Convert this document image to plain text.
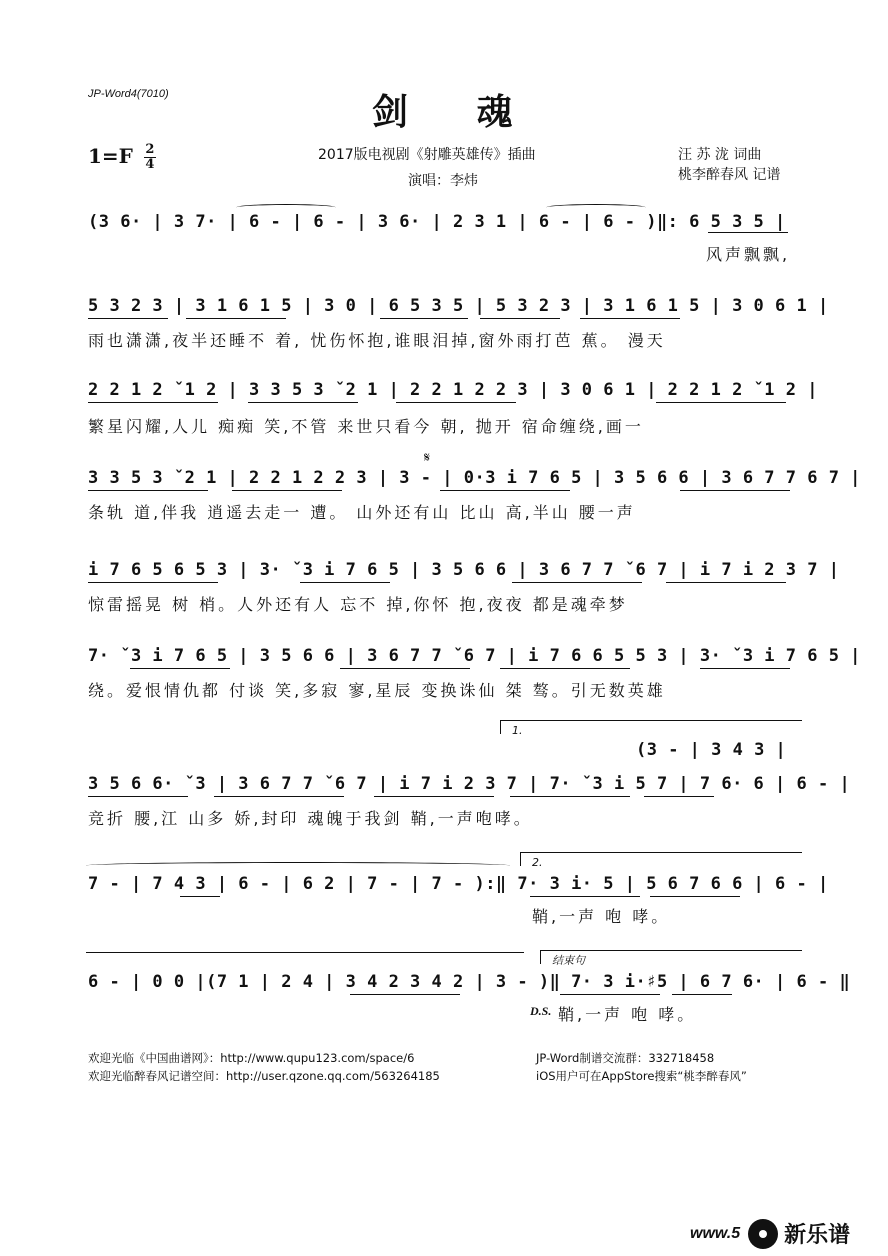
JP-Word4(7010)	剑 魂
$1=F \frac{2}{4}$	2017版电视剧《射雕英雄传》插曲
演唱：李炜
汪 苏 泷 词曲
桃李醉春风 记谱
(3 6· | 3 7· | 6 - | 6 - | 3 6· | 2 3 1 | 6 - | 6 - )‖: 6 5 3 5 |
风声飘飘,
5 3 2 3 | 3 1 6 1 5 | 3 0 | 6 5 3 5 | 5 3 2 3 | 3 1 6 1 5 | 3 0 6 1 |
雨也潇潇,夜半还睡不 着, 忧伤怀抱,谁眼泪掉,窗外雨打芭 蕉。 漫天
2 2 1 2 ˇ1 2 | 3 3 5 3 ˇ2 1 | 2 2 1 2 2 3 | 3 0 6 1 | 2 2 1 2 ˇ1 2 |
繁星闪耀,人儿 痴痴 笑,不管 来世只看今 朝, 抛开 宿命缠绕,画一
3 3 5 3 ˇ2 1 | 2 2 1 2 2 3 | 3 - | 0·3 i 7 6 5 | 3 5 6 6 | 3 6 7 7 6 7 |
条轨 道,伴我 逍遥去走一 遭。 山外还有山 比山 高,半山 腰一声
𝄋
i 7 6 5 6 5 3 | 3· ˇ3 i 7 6 5 | 3 5 6 6 | 3 6 7 7 ˇ6 7 | i 7 i 2 3 7 |
惊雷摇晃 树 梢。人外还有人 忘不 掉,你怀 抱,夜夜 都是魂牵梦
7· ˇ3 i 7 6 5 | 3 5 6 6 | 3 6 7 7 ˇ6 7 | i 7 6 6 5 5 3 | 3· ˇ3 i 7 6 5 |
绕。爱恨情仇都 付谈 笑,多寂 寥,星辰 变换诛仙 桀 骜。引无数英雄
1.
(3 - | 3 4 3 |
3 5 6 6· ˇ3 | 3 6 7 7 ˇ6 7 | i 7 i 2 3 7 | 7· ˇ3 i 5 7 | 7 6· 6 | 6 - |
竞折 腰,江 山多 娇,封印 魂魄于我剑 鞘,一声咆哮。
2.
7 - | 7 4 3 | 6 - | 6 2 | 7 - | 7 - ):‖ 7· 3 i· 5 | 5 6 7 6 6 | 6 - |
鞘,一声 咆 哮。
结束句
6 - | 0 0 |(7 1 | 2 4 | 3 4 2 3 4 2 | 3 - )‖ 7· 3 i·♯5 | 6 7 6· | 6 - ‖
D.S. 鞘,一声 咆 哮。
欢迎光临《中国曲谱网》：http://www.qupu123.com/space/6
欢迎光临醉春风记谱空间：http://user.qzone.qq.com/563264185
JP-Word制谱交流群：332718458
iOS用户可在AppStore搜索“桃李醉春风”
www.5 新乐谱
